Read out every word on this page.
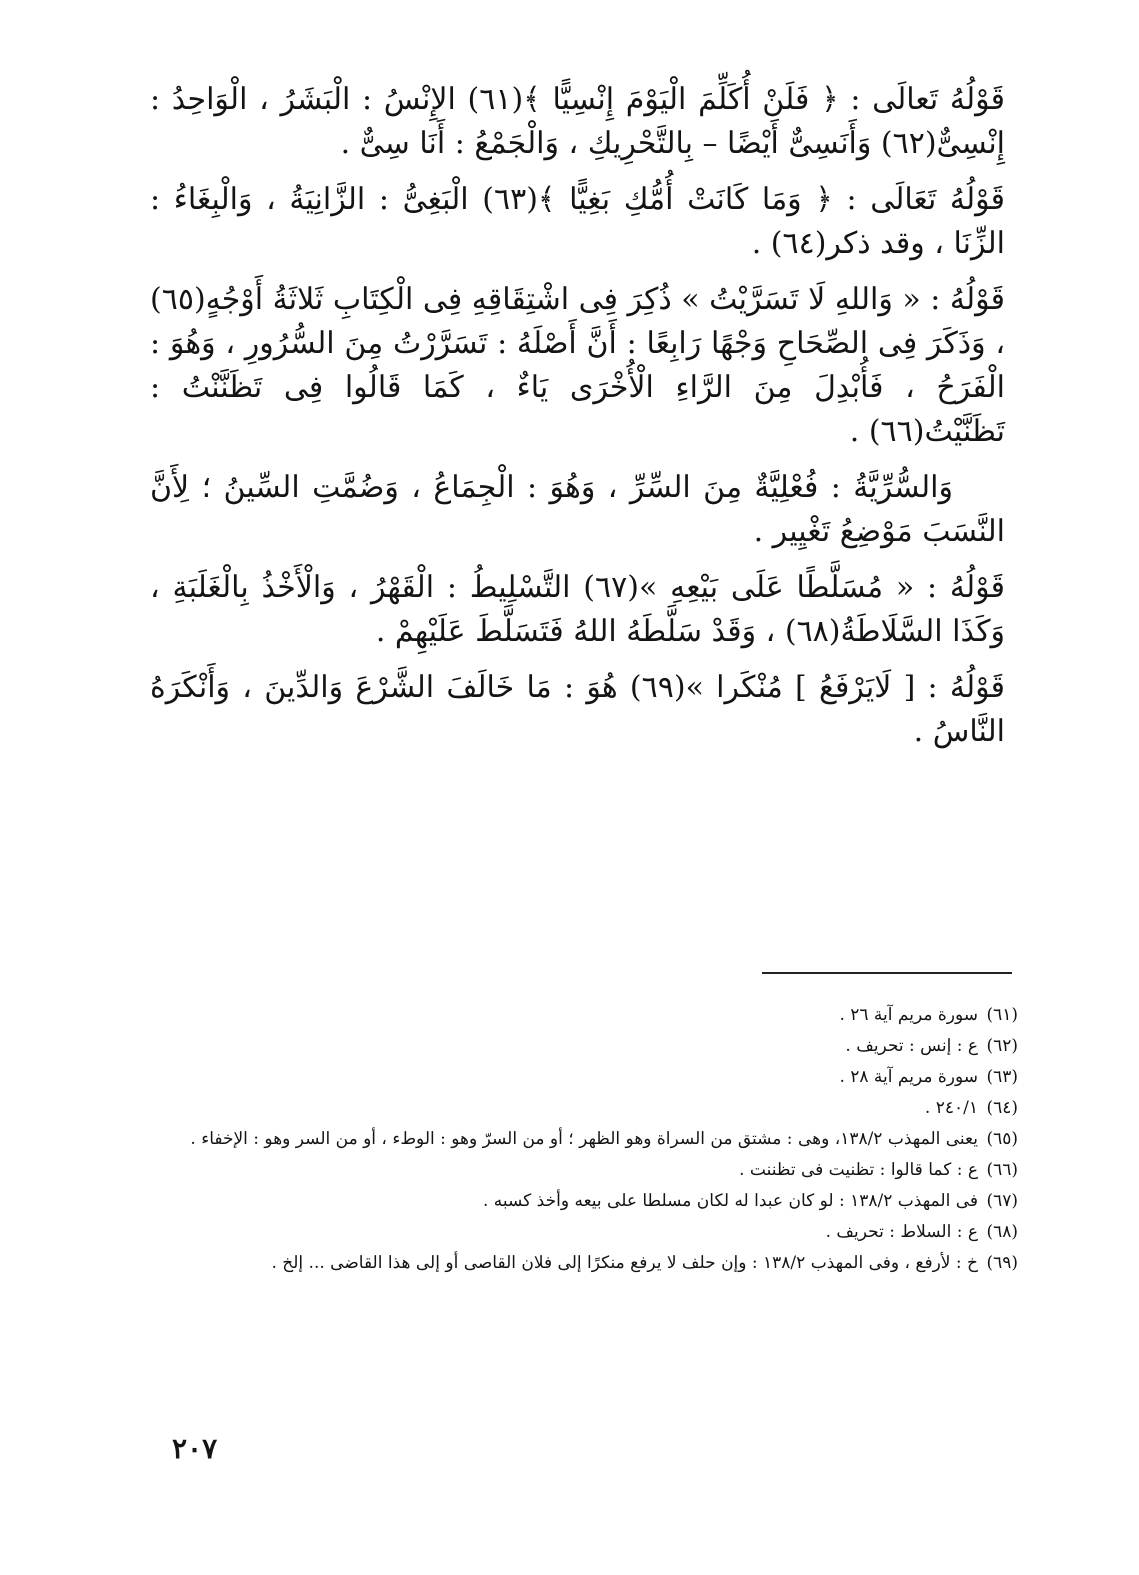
قَوْلُهُ تَعالَى : ﴿ فَلَنْ أُكَلِّمَ الْيَوْمَ إِنْسِيًّا ﴾(٦١) الإِنْسُ : الْبَشَرُ ، الْوَاحِدُ : إِنْسِىٌّ(٦٢) وَأَنَسِىٌّ أَيْضًا – بِالتَّحْرِيكِ ، وَالْجَمْعُ : أَنَا سِىٌّ .

قَوْلُهُ تَعَالَى : ﴿ وَمَا كَانَتْ أُمُّكِ بَغِيًّا ﴾(٦٣) الْبَغِىُّ : الزَّانِيَةُ ، وَالْبِغَاءُ : الزِّنَا ، وقد ذكر(٦٤) .

قَوْلُهُ : « وَاللهِ لَا تَسَرَّيْتُ » ذُكِرَ فِى اشْتِقَاقِهِ فِى الْكِتَابِ ثَلاثَةُ أَوْجُهٍ(٦٥) ، وَذَكَرَ فِى الصِّحَاحِ وَجْهًا رَابِعًا : أَنَّ أَصْلَهُ : تَسَرَّرْتُ مِنَ السُّرُورِ ، وَهُوَ : الْفَرَحُ ، فَأُبْدِلَ مِنَ الرَّاءِ الْأُخْرَى يَاءٌ ، كَمَا قَالُوا فِى تَظَنَّنْتُ : تَظَنَّيْتُ(٦٦) .

وَالسُّرِّيَّةُ : فُعْلِيَّةٌ مِنَ السِّرِّ ، وَهُوَ : الْجِمَاعُ ، وَضُمَّتِ السِّينُ ؛ لِأَنَّ النَّسَبَ مَوْضِعُ تَغْيِير .

قَوْلُهُ : « مُسَلَّطًا عَلَى بَيْعِهِ »(٦٧) التَّسْلِيطُ : الْقَهْرُ ، وَالْأَخْذُ بِالْغَلَبَةِ ، وَكَذَا السَّلَاطَةُ(٦٨) ، وَقَدْ سَلَّطَهُ اللهُ فَتَسَلَّطَ عَلَيْهِمْ .

قَوْلُهُ : [ لَايَرْفَعُ ] مُنْكَرا »(٦٩) هُوَ : مَا خَالَفَ الشَّرْعَ وَالدِّينَ ، وَأَنْكَرَهُ النَّاسُ .

(٦١)
سورة مريم آية ٢٦ .
(٦٢)
ع : إنس : تحريف .
(٦٣)
سورة مريم آية ٢٨ .
(٦٤)
٢٤٠/١ .
(٦٥)
يعنى المهذب ١٣٨/٢، وهى : مشتق من السراة وهو الظهر ؛ أو من السرّ وهو : الوطء ، أو من السر وهو : الإخفاء .
(٦٦)
ع : كما قالوا : تظنيت فى تظننت .
(٦٧)
فى المهذب ١٣٨/٢ : لو كان عبدا له لكان مسلطا على بيعه وأخذ كسبه .
(٦٨)
ع : السلاط : تحريف .
(٦٩)
خ : لأرفع ، وفى المهذب ١٣٨/٢ : وإن حلف لا يرفع منكرًا إلى فلان القاصى أو إلى هذا القاضى ... إلخ .
٢٠٧
